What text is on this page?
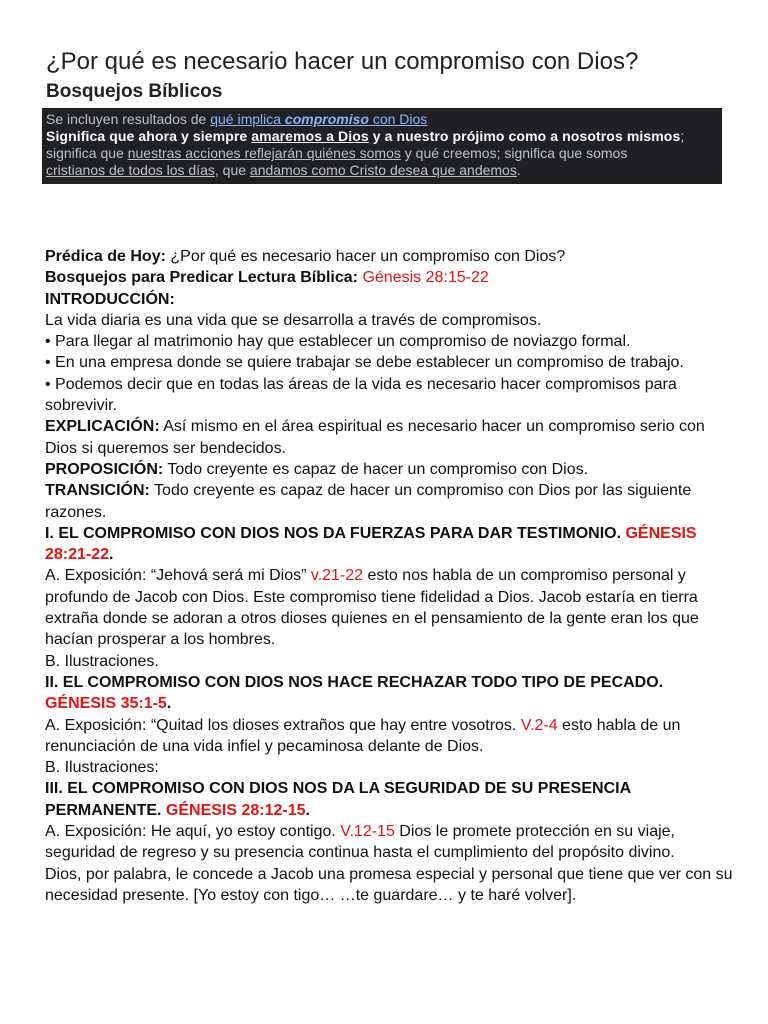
¿Por qué es necesario hacer un compromiso con Dios?
Bosquejos Bíblicos
Se incluyen resultados de qué implica compromiso con Dios
Significa que ahora y siempre amaremos a Dios y a nuestro prójimo como a nosotros mismos;
significa que nuestras acciones reflejarán quiénes somos y qué creemos; significa que somos
cristianos de todos los días, que andamos como Cristo desea que andemos.

Prédica de Hoy: ¿Por qué es necesario hacer un compromiso con Dios?

Bosquejos para Predicar Lectura Bíblica: Génesis 28:15-22

INTRODUCCIÓN:

La vida diaria es una vida que se desarrolla a través de compromisos.

• Para llegar al matrimonio hay que establecer un compromiso de noviazgo formal.

• En una empresa donde se quiere trabajar se debe establecer un compromiso de trabajo.

• Podemos decir que en todas las áreas de la vida es necesario hacer compromisos para sobrevivir.

EXPLICACIÓN: Así mismo en el área espiritual es necesario hacer un compromiso serio con Dios si queremos ser bendecidos.

PROPOSICIÓN: Todo creyente es capaz de hacer un compromiso con Dios.

TRANSICIÓN: Todo creyente es capaz de hacer un compromiso con Dios por las siguiente razones.

I. EL COMPROMISO CON DIOS NOS DA FUERZAS PARA DAR TESTIMONIO. GÉNESIS 28:21-22.

A. Exposición: “Jehová será mi Dios” v.21-22 esto nos habla de un compromiso personal y profundo de Jacob con Dios. Este compromiso tiene fidelidad a Dios. Jacob estaría en tierra extraña donde se adoran a otros dioses quienes en el pensamiento de la gente eran los que hacían prosperar a los hombres.

B. Ilustraciones.

II. EL COMPROMISO CON DIOS NOS HACE RECHAZAR TODO TIPO DE PECADO. GÉNESIS 35:1-5.

A. Exposición: “Quitad los dioses extraños que hay entre vosotros. V.2-4 esto habla de un renunciación de una vida infiel y pecaminosa delante de Dios.

B. Ilustraciones:

III. EL COMPROMISO CON DIOS NOS DA LA SEGURIDAD DE SU PRESENCIA PERMANENTE. GÉNESIS 28:12-15.

A. Exposición: He aquí, yo estoy contigo. V.12-15 Dios le promete protección en su viaje, seguridad de regreso y su presencia continua hasta el cumplimiento del propósito divino.

Dios, por palabra, le concede a Jacob una promesa especial y personal que tiene que ver con su necesidad presente. [Yo estoy con tigo… …te guardare… y te haré volver].
